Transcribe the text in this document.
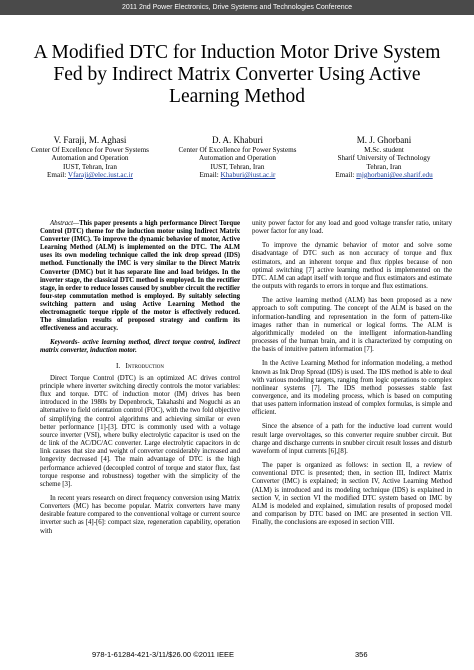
2011 2nd Power Electronics, Drive Systems and Technologies Conference
A Modified DTC for Induction Motor Drive System Fed by Indirect Matrix Converter Using Active Learning Method
V. Faraji, M. Aghasi
Center Of Excellence for Power Systems
Automation and Operation
IUST, Tehran, Iran
Email: Vfaraji@elec.iust.ac.ir
D. A. Khaburi
Center Of Excellence for Power Systems
Automation and Operation
IUST, Tehran, Iran
Email: Khaburi@iust.ac.ir
M. J. Ghorbani
M.Sc. student
Sharif University of Technology
Tehran, Iran
Email: mjghorbani@ee.sharif.edu

Abstract—This paper presents a high performance Direct Torque Control (DTC) theme for the induction motor using Indirect Matrix Converter (IMC). To improve the dynamic behavior of motor, Active Learning Method (ALM) is implemented on the DTC. The ALM uses its own modeling technique called the ink drop spread (IDS) method. Functionally the IMC is very similar to the Direct Matrix Converter (DMC) but it has separate line and load bridges. In the inverter stage, the classical DTC method is employed. In the rectifier stage, in order to reduce losses caused by snubber circuit the rectifier four-step commutation method is employed. By suitably selecting switching pattern and using Active Learning Method the electromagnetic torque ripple of the motor is effectively reduced. The simulation results of proposed strategy and confirm its effectiveness and accuracy.

Keywords- active learning method, direct torque control, indirect matrix converter, induction motor.

I. Introduction

Direct Torque Control (DTC) is an optimized AC drives control principle where inverter switching directly controls the motor variables: flux and torque. DTC of induction motor (IM) drives has been introduced in the 1980s by Depenbrock, Takahashi and Noguchi as an alternative to field orientation control (FOC), with the two fold objective of simplifying the control algorithms and achieving similar or even better performance [1]-[3]. DTC is commonly used with a voltage source inverter (VSI), where bulky electrolytic capacitor is used on the dc link of the AC/DC/AC converter. Large electrolytic capacitors in dc link causes that size and weight of converter considerably increased and longevity decreased [4]. The main advantage of DTC is the high performance achieved (decoupled control of torque and stator flux, fast torque response and robustness) together with the simplicity of the scheme [3].

In recent years research on direct frequency conversion using Matrix Converters (MC) has become popular. Matrix converters have many desirable feature compared to the conventional voltage or current source inverter such as [4]-[6]: compact size, regeneration capability, operation with

unity power factor for any load and good voltage transfer ratio, unitary power factor for any load.

To improve the dynamic behavior of motor and solve some disadvantage of DTC such as non accuracy of torque and flux estimators, and an inherent torque and flux ripples because of non optimal switching [7] active learning method is implemented on the DTC. ALM can adapt itself with torque and flux estimators and estimate the outputs with regards to errors in torque and flux estimations.

The active learning method (ALM) has been proposed as a new approach to soft computing. The concept of the ALM is based on the information-handling and representation in the form of pattern-like images rather than in numerical or logical forms. The ALM is algorithmically modeled on the intelligent information-handling processes of the human brain, and it is characterized by computing on the basis of intuitive pattern information [7].

In the Active Learning Method for information modeling, a method known as Ink Drop Spread (IDS) is used. The IDS method is able to deal with various modeling targets, ranging from logic operations to complex nonlinear systems [7]. The IDS method possesses stable fast convergence, and its modeling process, which is based on computing that uses pattern information instead of complex formulas, is simple and efficient.

Since the absence of a path for the inductive load current would result large overvoltages, so this converter require snubber circuit. But charge and discharge currents in snubber circuit result losses and disturb waveform of input currents [6],[8].

The paper is organized as follows: in section II, a review of conventional DTC is presented; then, in section III, Indirect Matrix Converter (IMC) is explained; in section IV, Active Learning Method (ALM) is introduced and its modeling technique (IDS) is explained in section V, in section VI the modified DTC system based on IMC by ALM is modeled and explained, simulation results of proposed model and comparison by DTC based on IMC are presented in section VII. Finally, the conclusions are exposed in section VIII.

978-1-61284-421-3/11/$26.00 ©2011 IEEE	356
